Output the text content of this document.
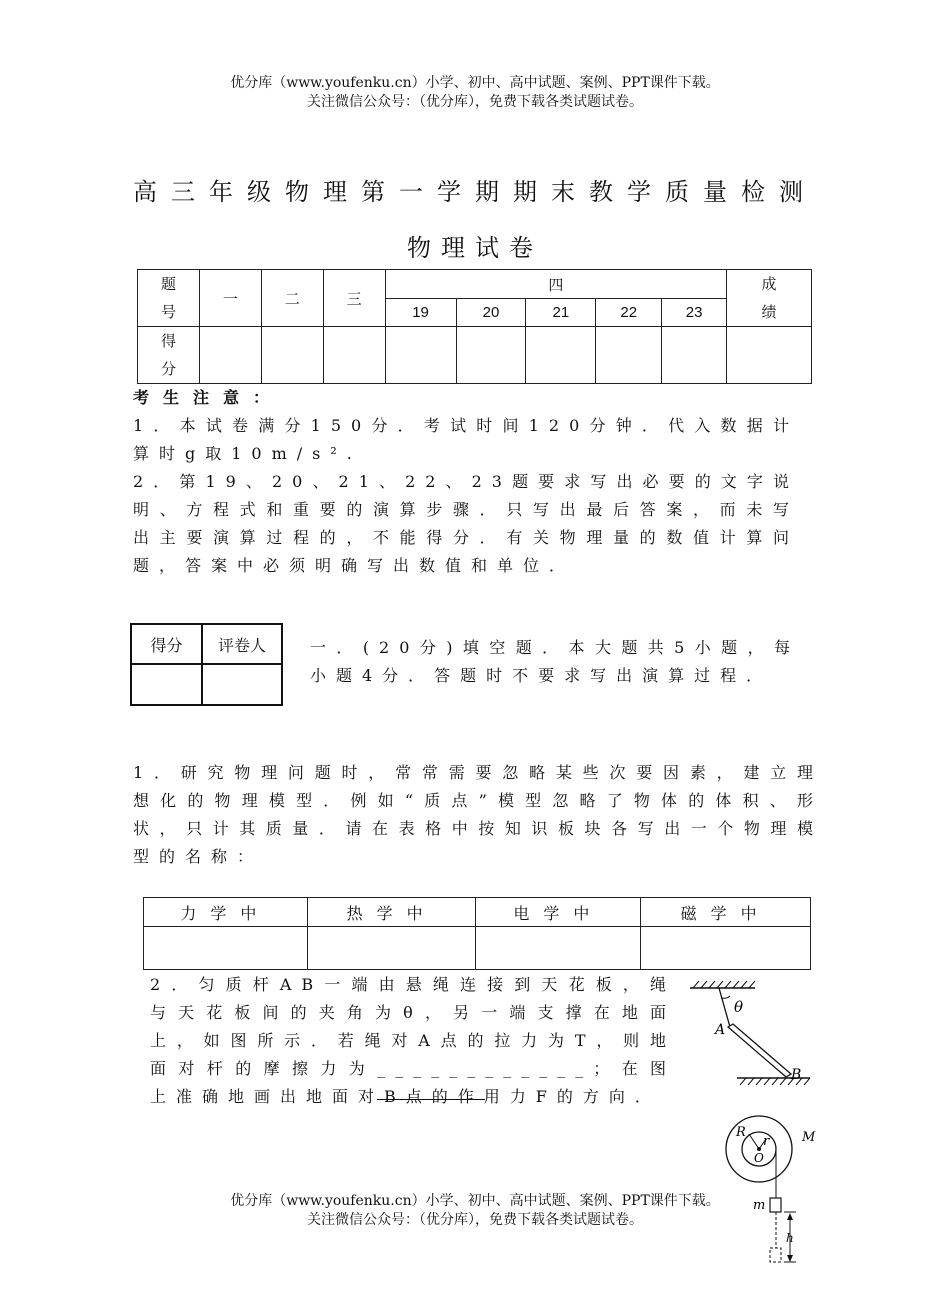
优分库（www.youfenku.cn）小学、初中、高中试题、案例、PPT课件下载。
关注微信公众号：（优分库），免费下载各类试题试卷。
高三年级物理第一学期期末教学质量检测
物理试卷
题号	一	二	三	四					成绩
				19	20	21	22	23	
得分									
考生注意：
1．本试卷满分150分．考试时间120分钟．代入数据计算时g取10m/s².
2．第19、20、21、22、23题要求写出必要的文字说明、方程式和重要的演算步骤．只写出最后答案，而未写出主要演算过程的，不能得分．有关物理量的数值计算问题，答案中必须明确写出数值和单位．
得分	评卷人
		一．(20分)填空题．本大题共5小题，每小题4分．答题时不要求写出演算过程．
1．研究物理问题时，常常需要忽略某些次要因素，建立理想化的物理模型．例如“质点”模型忽略了物体的体积、形状，只计其质量．请在表格中按知识板块各写出一个物理模型的名称：
力学中	热学中	电学中	磁学中

2．匀质杆AB一端由悬绳连接到天花板，绳与天花板间的夹角为θ，另一端支撑在地面上，如图所示．若绳对A点的拉力为T，则地面对杆的摩擦力为____________；在图上准确地画出地面对B点的作用力F的方向．
θ
A
B
R
r
O
M
m
h
优分库（www.youfenku.cn）小学、初中、高中试题、案例、PPT课件下载。
关注微信公众号：（优分库），免费下载各类试题试卷。
